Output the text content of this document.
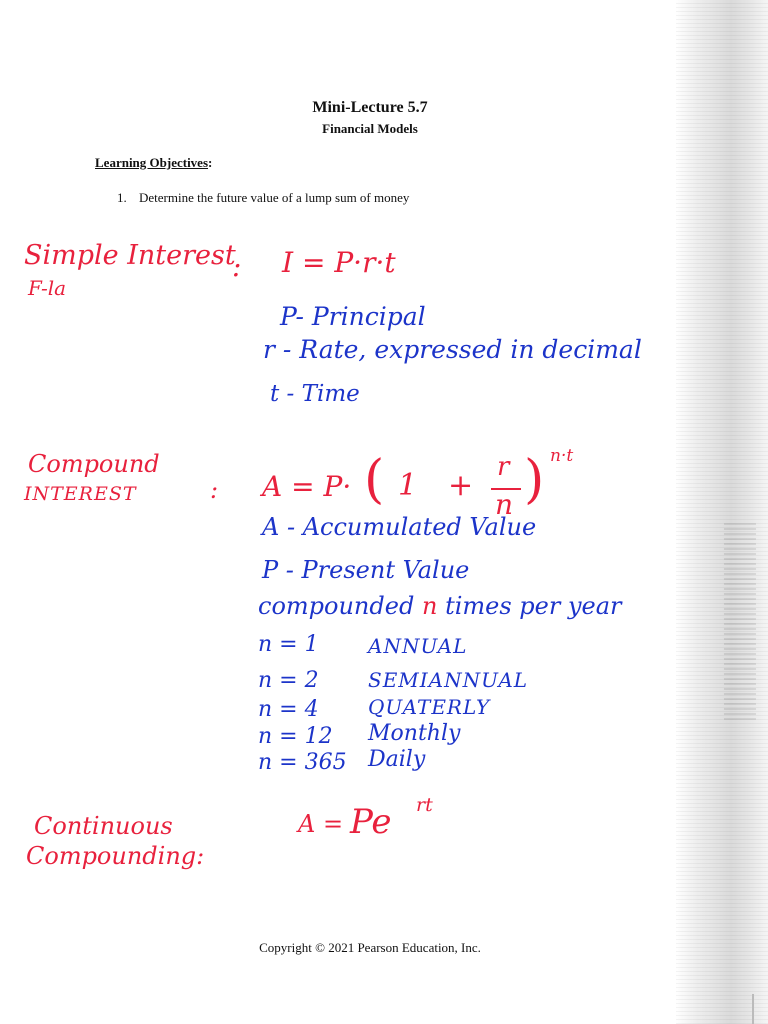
Mini-Lecture 5.7
Financial Models
Learning Objectives:
1. Determine the future value of a lump sum of money
Simple Interest
F-la
: I = P·r·t
P- Principal
r - Rate, expressed in decimal
t - Time
Compound
INTEREST	: A = P· ( 1 +
r
n ) n·t
A - Accumulated Value
P - Present Value
compounded n times per year
n = 1 ANNUAL
n = 2 SEMIANNUAL
n = 4 QUATERLY
n = 12 Monthly
n = 365 Daily
Continuous
Compounding:
A = Pe rt
Copyright © 2021 Pearson Education, Inc.
